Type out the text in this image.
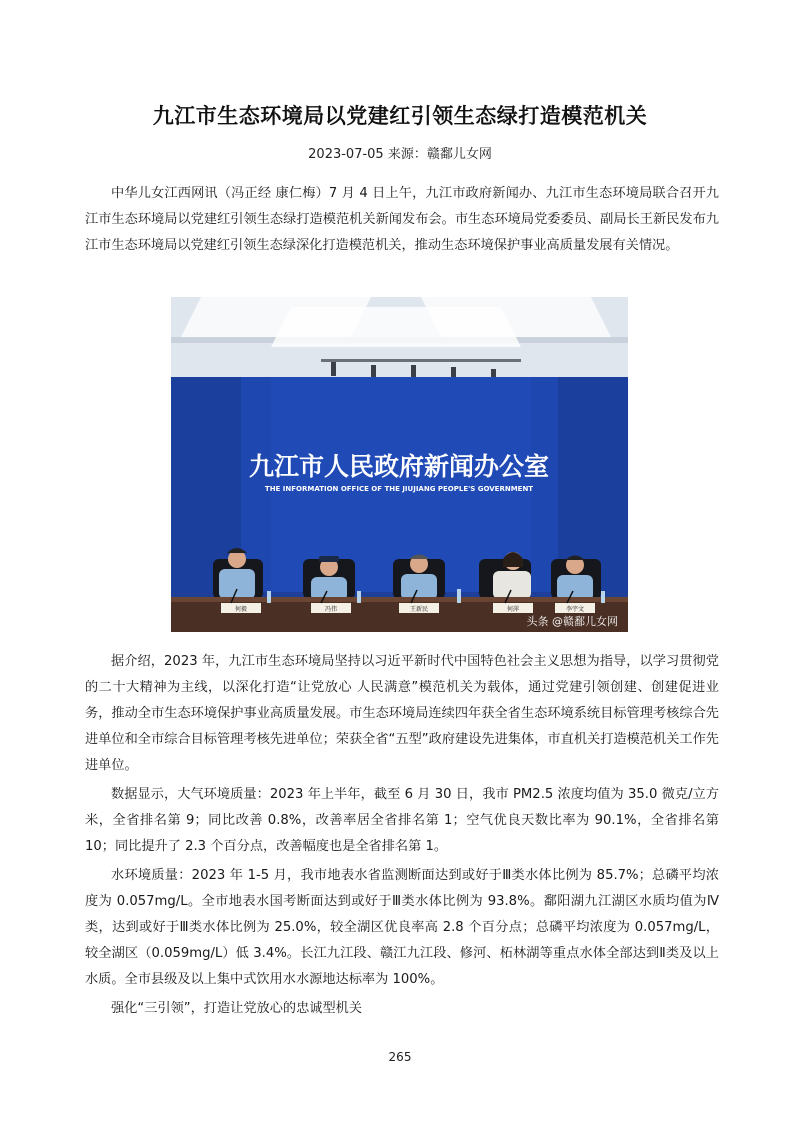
九江市生态环境局以党建红引领生态绿打造模范机关
2023-07-05 来源：赣鄱儿女网

中华儿女江西网讯（冯正经 康仁梅）7 月 4 日上午，九江市政府新闻办、九江市生态环境局联合召开九江市生态环境局以党建红引领生态绿打造模范机关新闻发布会。市生态环境局党委委员、副局长王新民发布九江市生态环境局以党建红引领生态绿深化打造模范机关，推动生态环境保护事业高质量发展有关情况。

九江市人民政府新闻办公室
THE INFORMATION OFFICE OF THE JIUJIANG PEOPLE'S GOVERNMENT
何毅	冯伟	王新民	何萍	李宇文
头条 @赣鄱儿女网

据介绍，2023 年，九江市生态环境局坚持以习近平新时代中国特色社会主义思想为指导，以学习贯彻党的二十大精神为主线，以深化打造“让党放心 人民满意”模范机关为载体，通过党建引领创建、创建促进业务，推动全市生态环境保护事业高质量发展。市生态环境局连续四年获全省生态环境系统目标管理考核综合先进单位和全市综合目标管理考核先进单位；荣获全省“五型”政府建设先进集体，市直机关打造模范机关工作先进单位。

数据显示，大气环境质量：2023 年上半年，截至 6 月 30 日，我市 PM2.5 浓度均值为 35.0 微克/立方米，全省排名第 9；同比改善 0.8%，改善率居全省排名第 1；空气优良天数比率为 90.1%，全省排名第 10；同比提升了 2.3 个百分点，改善幅度也是全省排名第 1。

水环境质量：2023 年 1-5 月，我市地表水省监测断面达到或好于Ⅲ类水体比例为 85.7%；总磷平均浓度为 0.057mg/L。全市地表水国考断面达到或好于Ⅲ类水体比例为 93.8%。鄱阳湖九江湖区水质均值为Ⅳ类，达到或好于Ⅲ类水体比例为 25.0%，较全湖区优良率高 2.8 个百分点；总磷平均浓度为 0.057mg/L，较全湖区（0.059mg/L）低 3.4%。长江九江段、赣江九江段、修河、柘林湖等重点水体全部达到Ⅱ类及以上水质。全市县级及以上集中式饮用水水源地达标率为 100%。

强化“三引领”，打造让党放心的忠诚型机关

265
